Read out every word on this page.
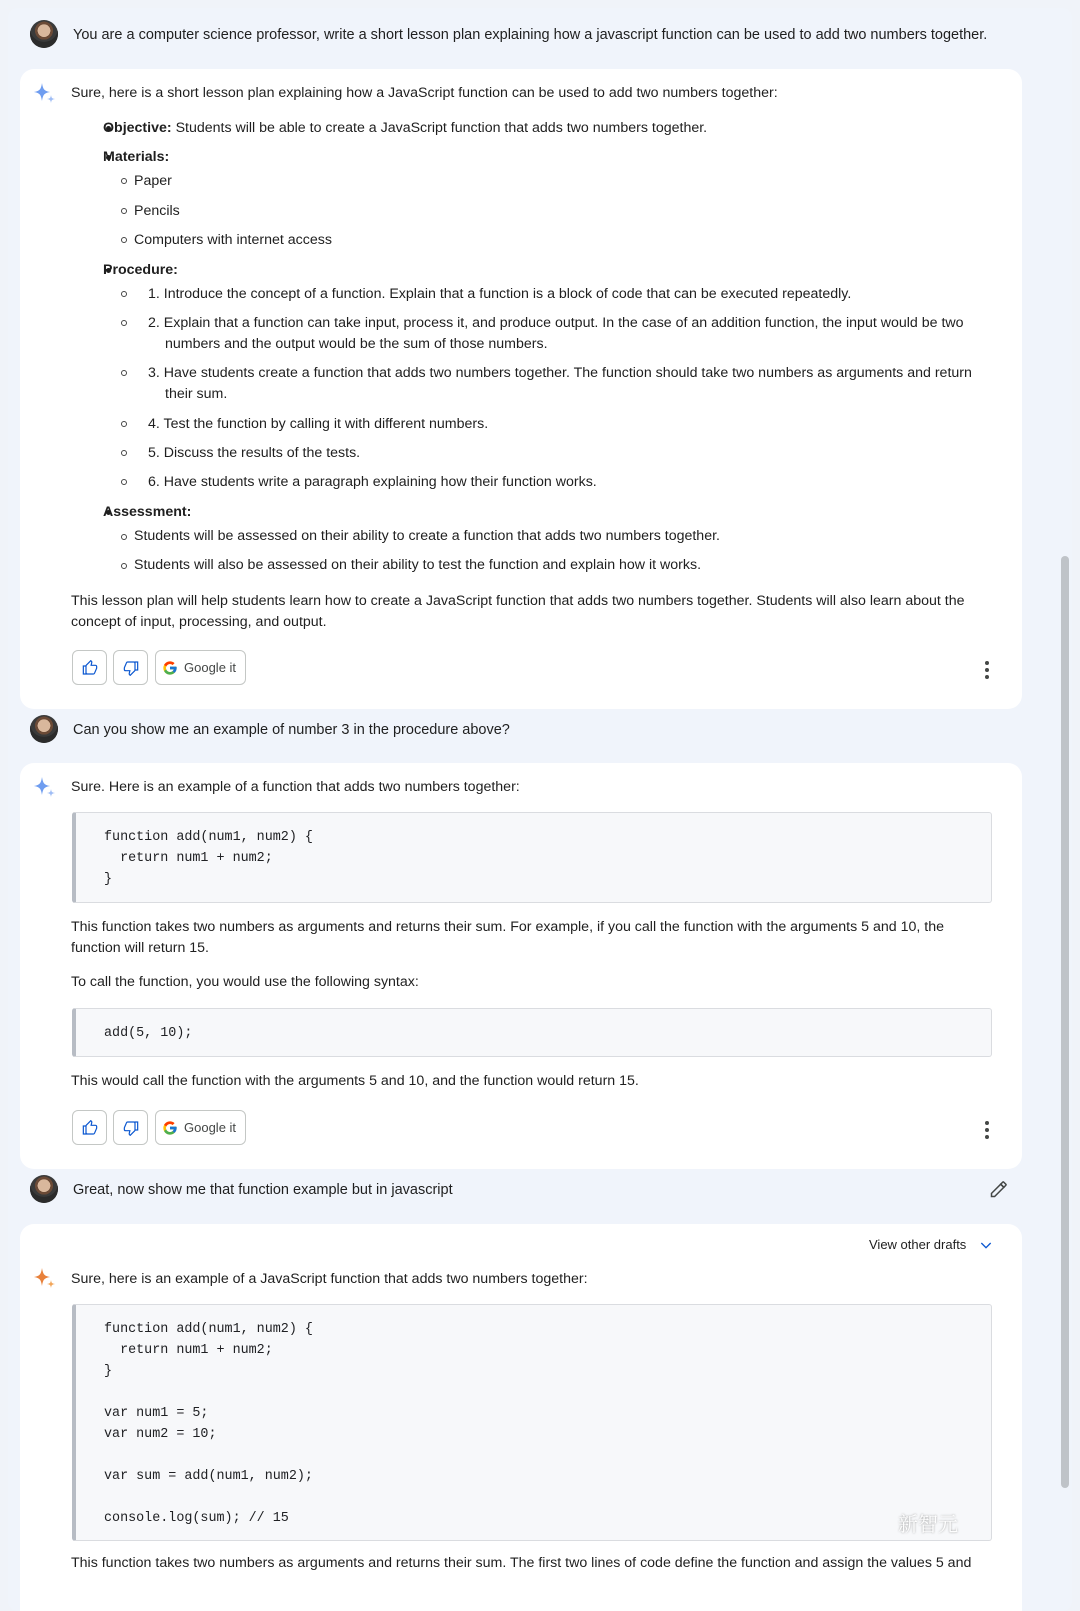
You are a computer science professor, write a short lesson plan explaining how a javascript function can be used to add two numbers together.
Sure, here is a short lesson plan explaining how a JavaScript function can be used to add two numbers together:
Objective: Students will be able to create a JavaScript function that adds two numbers together.
Materials:
Paper
Pencils
Computers with internet access
Procedure:
1. Introduce the concept of a function. Explain that a function is a block of code that can be executed repeatedly.
2. Explain that a function can take input, process it, and produce output. In the case of an addition function, the input would be two
numbers and the output would be the sum of those numbers.
3. Have students create a function that adds two numbers together. The function should take two numbers as arguments and return
their sum.
4. Test the function by calling it with different numbers.
5. Discuss the results of the tests.
6. Have students write a paragraph explaining how their function works.
Assessment:
Students will be assessed on their ability to create a function that adds two numbers together.
Students will also be assessed on their ability to test the function and explain how it works.
This lesson plan will help students learn how to create a JavaScript function that adds two numbers together. Students will also learn about the
concept of input, processing, and output.
Google it
Can you show me an example of number 3 in the procedure above?
Sure. Here is an example of a function that adds two numbers together:
function add(num1, num2) {
return num1 + num2;
}
This function takes two numbers as arguments and returns their sum. For example, if you call the function with the arguments 5 and 10, the
function will return 15.
To call the function, you would use the following syntax:
add(5, 10);
This would call the function with the arguments 5 and 10, and the function would return 15.
Google it
Great, now show me that function example but in javascript
View other drafts
Sure, here is an example of a JavaScript function that adds two numbers together:
function add(num1, num2) {
return num1 + num2;
}

var num1 = 5;
var num2 = 10;

var sum = add(num1, num2);

console.log(sum); // 15
This function takes two numbers as arguments and returns their sum. The first two lines of code define the function and assign the values 5 and
新智元
